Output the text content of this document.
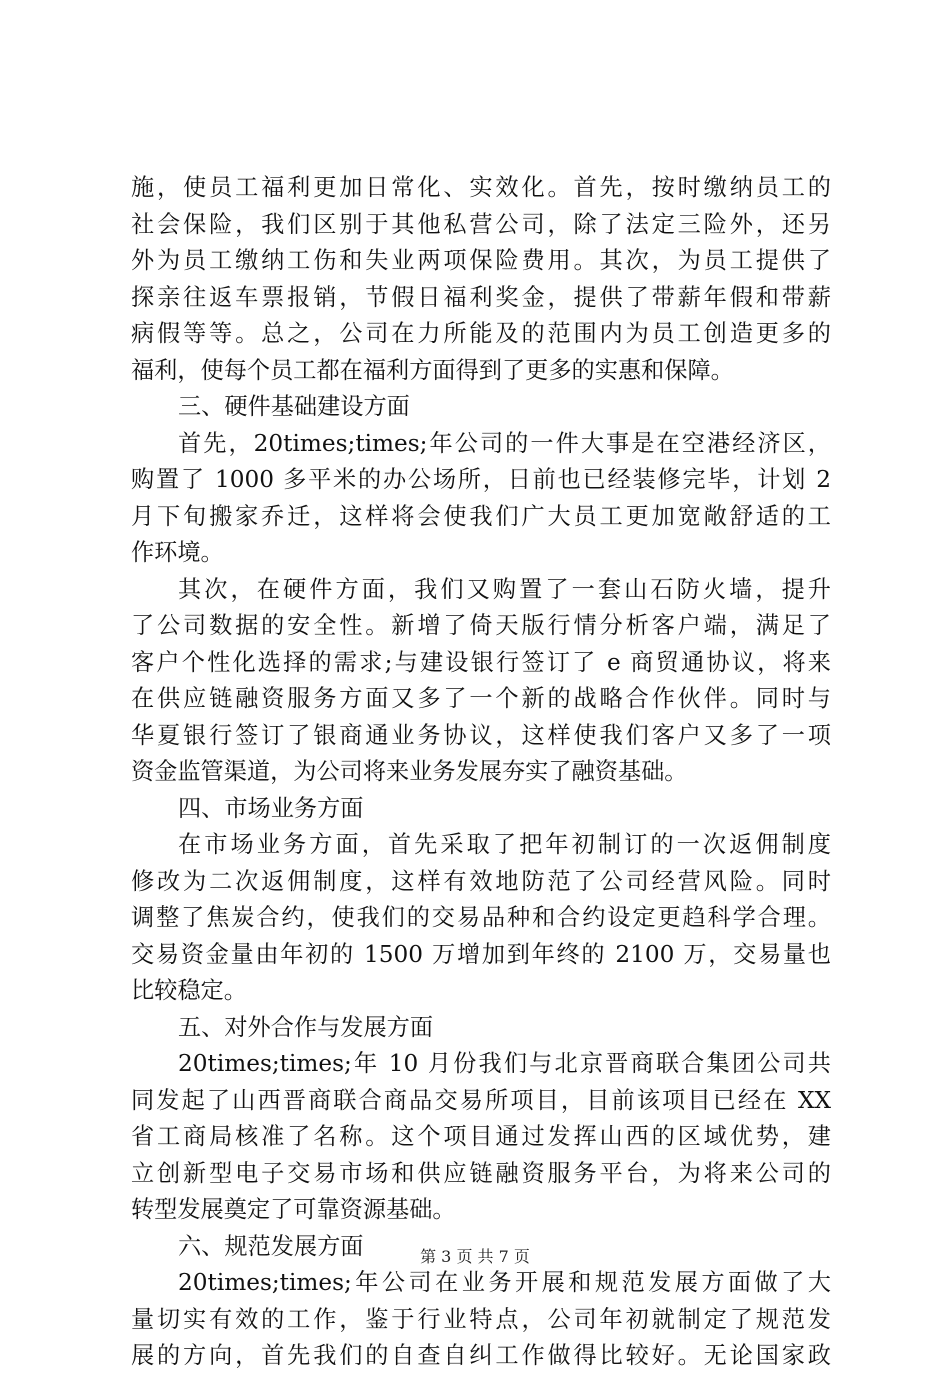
施，使员工福利更加日常化、实效化。首先，按时缴纳员工的
社会保险，我们区别于其他私营公司，除了法定三险外，还另
外为员工缴纳工伤和失业两项保险费用。其次，为员工提供了
探亲往返车票报销，节假日福利奖金，提供了带薪年假和带薪
病假等等。总之，公司在力所能及的范围内为员工创造更多的
福利，使每个员工都在福利方面得到了更多的实惠和保障。
三、硬件基础建设方面
首先，20times;times;年公司的一件大事是在空港经济区，
购置了 1000 多平米的办公场所，日前也已经装修完毕，计划 2
月下旬搬家乔迁，这样将会使我们广大员工更加宽敞舒适的工
作环境。
其次，在硬件方面，我们又购置了一套山石防火墙，提升
了公司数据的安全性。新增了倚天版行情分析客户端，满足了
客户个性化选择的需求;与建设银行签订了 e 商贸通协议，将来
在供应链融资服务方面又多了一个新的战略合作伙伴。同时与
华夏银行签订了银商通业务协议，这样使我们客户又多了一项
资金监管渠道，为公司将来业务发展夯实了融资基础。
四、市场业务方面
在市场业务方面，首先采取了把年初制订的一次返佣制度
修改为二次返佣制度，这样有效地防范了公司经营风险。同时
调整了焦炭合约，使我们的交易品种和合约设定更趋科学合理。
交易资金量由年初的 1500 万增加到年终的 2100 万，交易量也
比较稳定。
五、对外合作与发展方面
20times;times;年 10 月份我们与北京晋商联合集团公司共
同发起了山西晋商联合商品交易所项目，目前该项目已经在 XX
省工商局核准了名称。这个项目通过发挥山西的区域优势，建
立创新型电子交易市场和供应链融资服务平台，为将来公司的
转型发展奠定了可靠资源基础。
六、规范发展方面
20times;times;年公司在业务开展和规范发展方面做了大
量切实有效的工作，鉴于行业特点，公司年初就制定了规范发
展的方向，首先我们的自查自纠工作做得比较好。无论国家政
第 3 页 共 7 页
